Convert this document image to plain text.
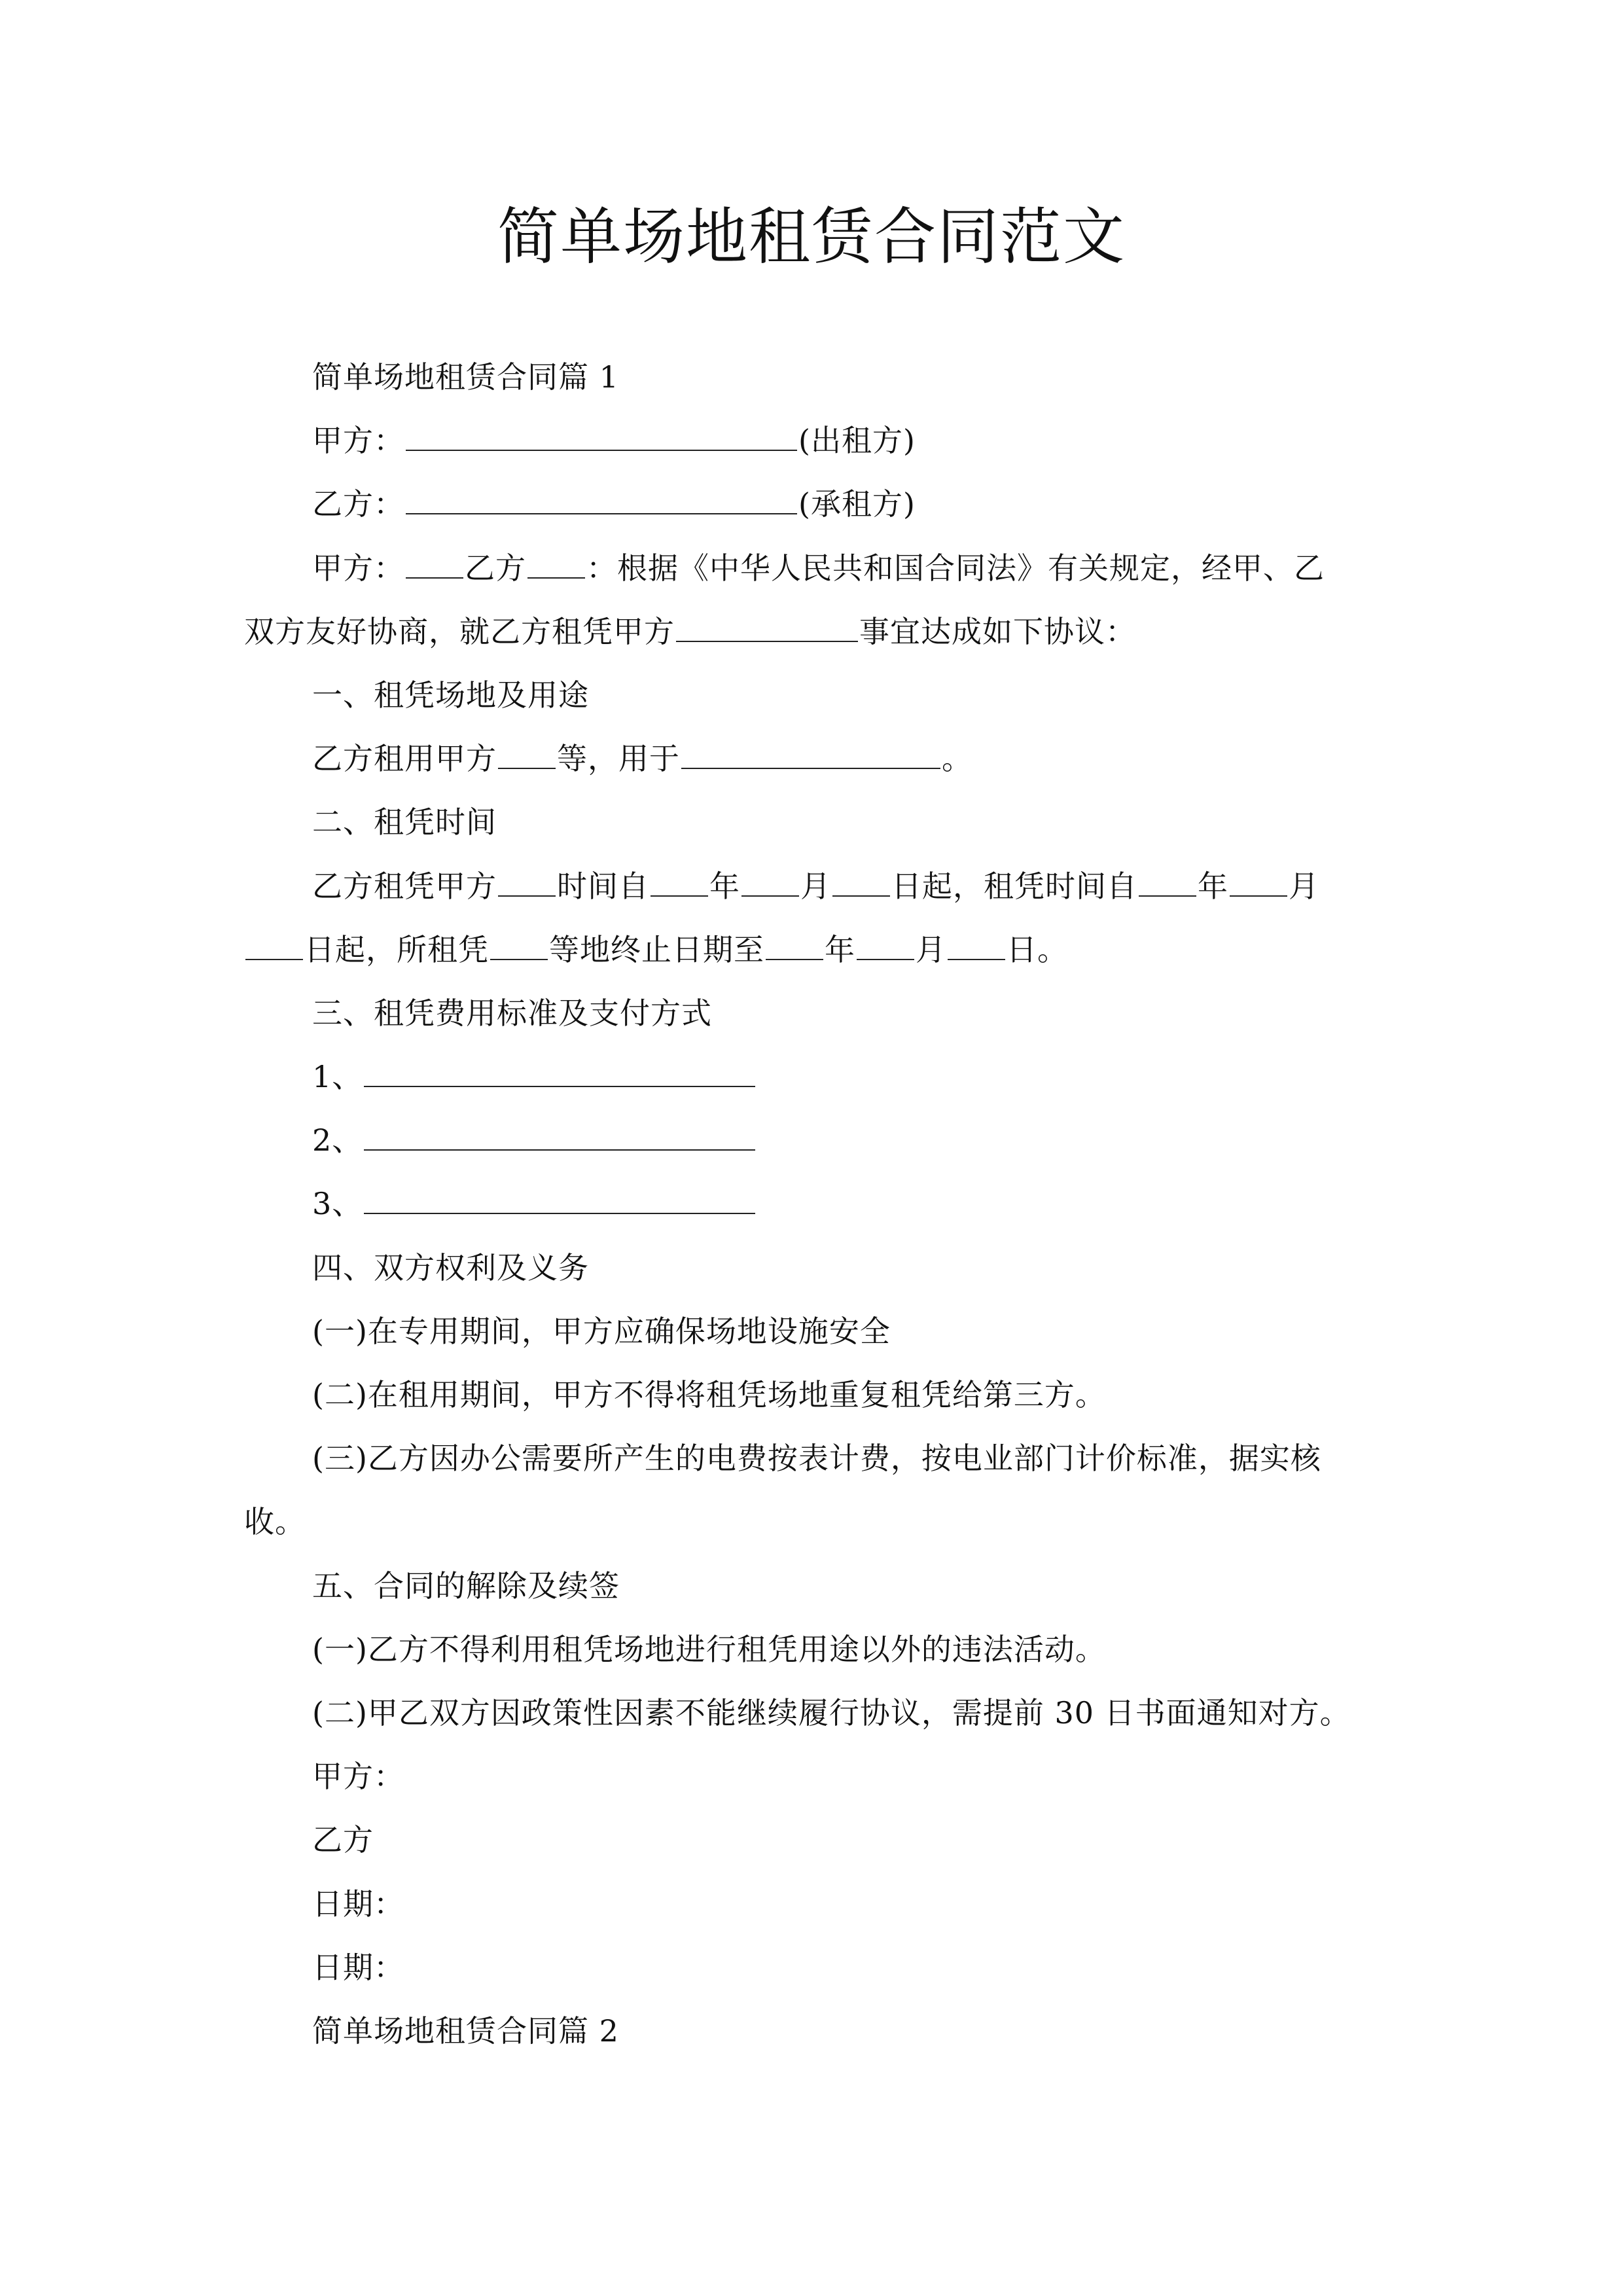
简单场地租赁合同范文
简单场地租赁合同篇 1
甲方：	(出租方)
乙方：	(承租方)
甲方： 乙方 ：根据《中华人民共和国合同法》有关规定，经甲、乙
双方友好协商，就乙方租凭甲方	事宜达成如下协议：
一、租凭场地及用途
乙方租用甲方 等，用于	。
二、租凭时间
乙方租凭甲方 时间自 年 月 日起，租凭时间自 年 月
日起，所租凭 等地终止日期至 年 月 日。
三、租凭费用标准及支付方式
1、
2、
3、
四、双方权利及义务
(一)在专用期间，甲方应确保场地设施安全
(二)在租用期间，甲方不得将租凭场地重复租凭给第三方。
(三)乙方因办公需要所产生的电费按表计费，按电业部门计价标准，据实核
收。
五、合同的解除及续签
(一)乙方不得利用租凭场地进行租凭用途以外的违法活动。
(二)甲乙双方因政策性因素不能继续履行协议，需提前 30 日书面通知对方。
甲方：
乙方
日期：
日期：
简单场地租赁合同篇 2
